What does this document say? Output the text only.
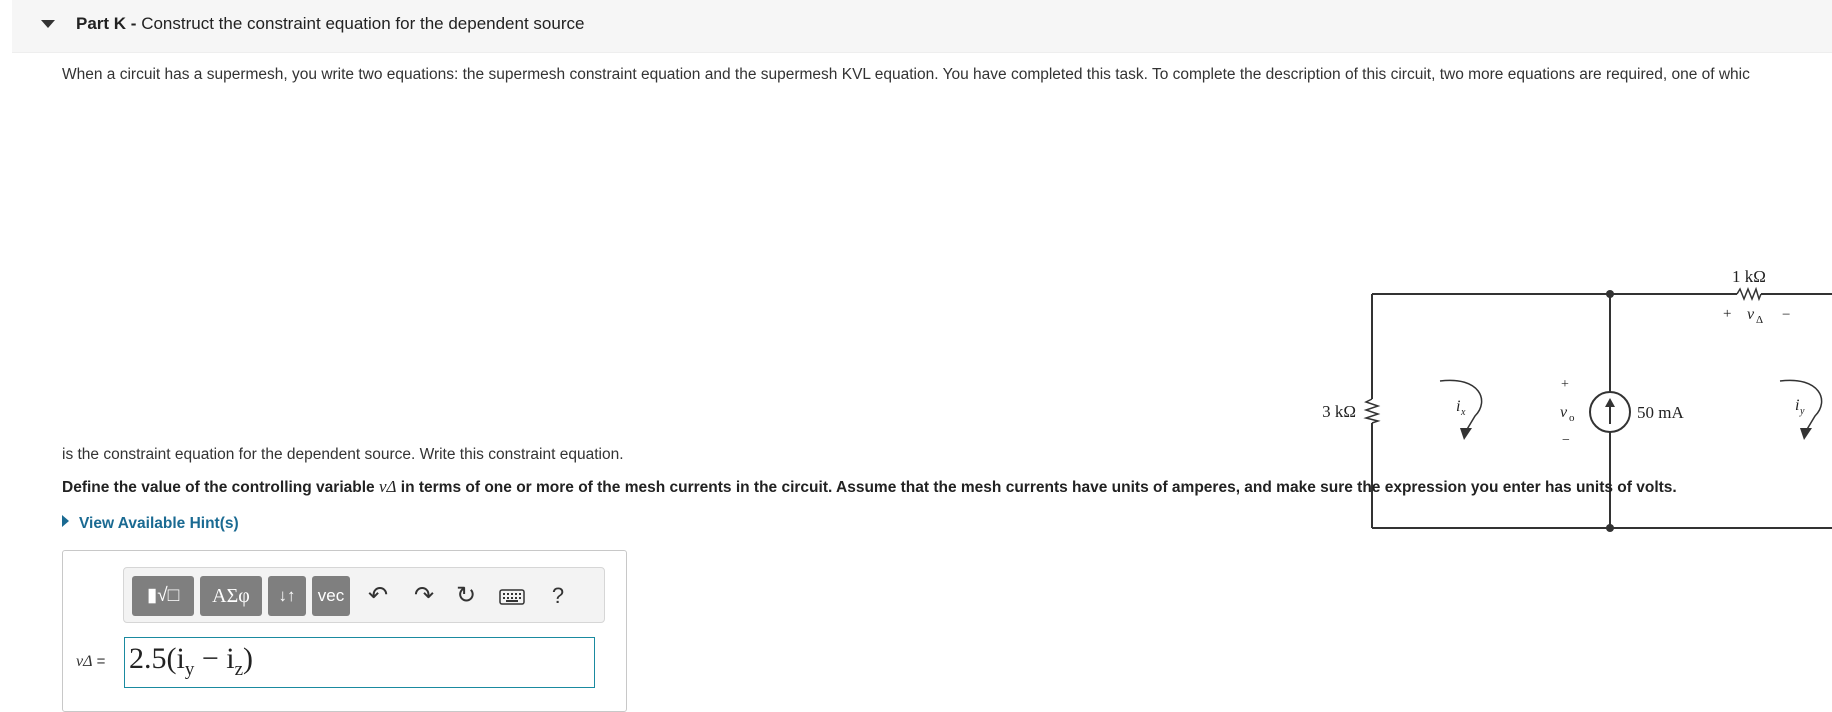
Part K - Construct the constraint equation for the dependent source
When a circuit has a supermesh, you write two equations: the supermesh constraint equation and the supermesh KVL equation. You have completed this task. To complete the description of this circuit, two more equations are required, one of whic
1 kΩ
3 kΩ	50 mA
+ v Δ −
+
v o
−
i x	i y
is the constraint equation for the dependent source. Write this constraint equation.
Define the value of the controlling variable vΔ in terms of one or more of the mesh currents in the circuit. Assume that the mesh currents have units of amperes, and make sure the expression you enter has units of volts.
View Available Hint(s)
▮√□	ΑΣφ	↓↑	vec ↶ ↷ ↻	?
$v\Delta = 2.5(i_y - i_z)$
